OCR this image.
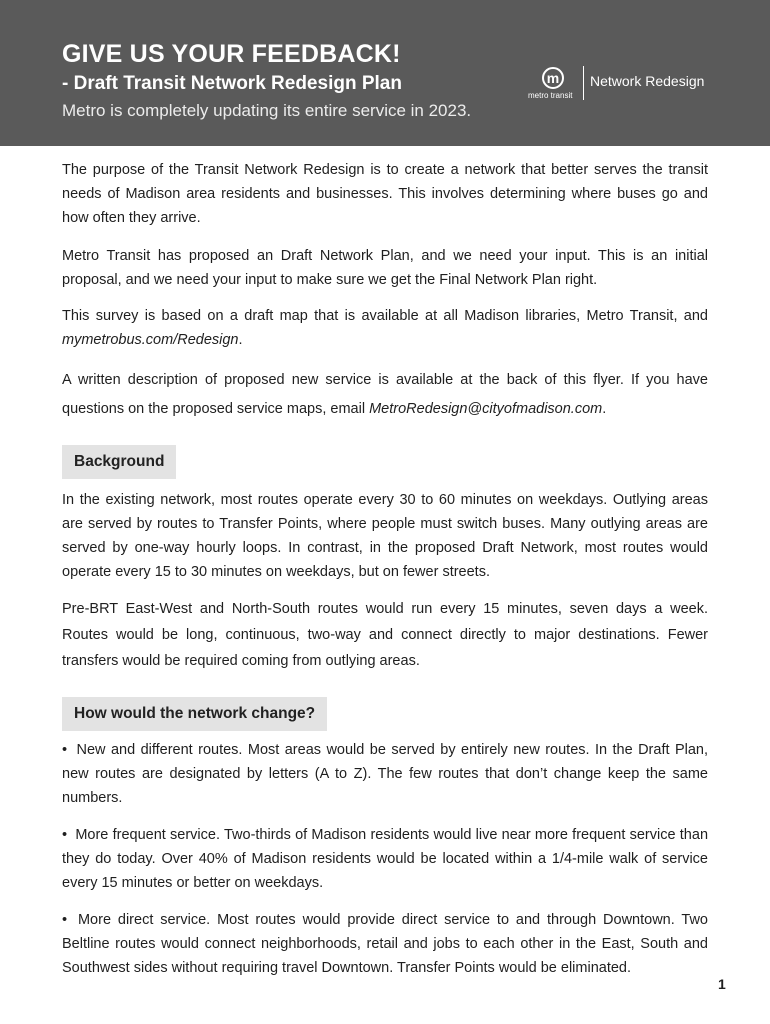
GIVE US YOUR FEEDBACK!
- Draft Transit Network Redesign Plan
Metro is completely updating its entire service in 2023.
m
metro transit
Network Redesign

The purpose of the Transit Network Redesign is to create a network that better serves the transit needs of Madison area residents and businesses. This involves determining where buses go and how often they arrive.

Metro Transit has proposed an Draft Network Plan, and we need your input. This is an initial proposal, and we need your input to make sure we get the Final Network Plan right.

This survey is based on a draft map that is available at all Madison libraries, Metro Transit, and mymetrobus.com/Redesign.

A written description of proposed new service is available at the back of this flyer. If you have questions on the proposed service maps, email MetroRedesign@cityofmadison.com.

Background

In the existing network, most routes operate every 30 to 60 minutes on weekdays. Outlying areas are served by routes to Transfer Points, where people must switch buses. Many outlying areas are served by one-way hourly loops. In contrast, in the proposed Draft Network, most routes would operate every 15 to 30 minutes on weekdays, but on fewer streets.

Pre-BRT East-West and North-South routes would run every 15 minutes, seven days a week. Routes would be long, continuous, two-way and connect directly to major destinations. Fewer transfers would be required coming from outlying areas.

How would the network change?

• New and different routes. Most areas would be served by entirely new routes. In the Draft Plan, new routes are designated by letters (A to Z). The few routes that don’t change keep the same numbers.

• More frequent service. Two-thirds of Madison residents would live near more frequent service than they do today. Over 40% of Madison residents would be located within a 1/4-mile walk of service every 15 minutes or better on weekdays.

• More direct service. Most routes would provide direct service to and through Downtown. Two Beltline routes would connect neighborhoods, retail and jobs to each other in the East, South and Southwest sides without requiring travel Downtown. Transfer Points would be eliminated.

1
